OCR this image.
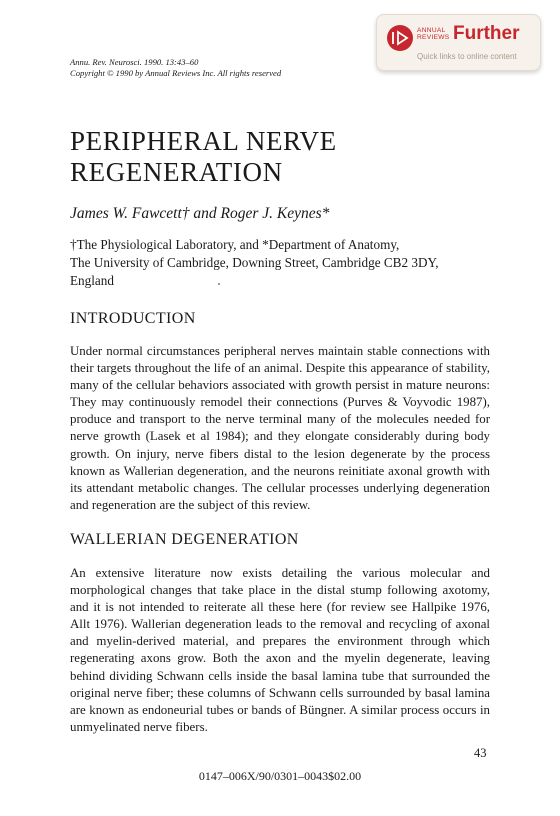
Annu. Rev. Neurosci. 1990. 13:43–60
Copyright © 1990 by Annual Reviews Inc. All rights reserved
ANNUAL
REVIEWS Further
Quick links to online content
PERIPHERAL NERVE
REGENERATION
James W. Fawcett† and Roger J. Keynes*
†The Physiological Laboratory, and *Department of Anatomy,
The University of Cambridge, Downing Street, Cambridge CB2 3DY,
England
INTRODUCTION

Under normal circumstances peripheral nerves maintain stable connections with their targets throughout the life of an animal. Despite this appearance of stability, many of the cellular behaviors associated with growth persist in mature neurons: They may continuously remodel their connections (Purves & Voyvodic 1987), produce and transport to the nerve terminal many of the molecules needed for nerve growth (Lasek et al 1984); and they elongate considerably during body growth. On injury, nerve fibers distal to the lesion degenerate by the process known as Wallerian degeneration, and the neurons reinitiate axonal growth with its attendant metabolic changes. The cellular processes underlying degeneration and regeneration are the subject of this review.

WALLERIAN DEGENERATION

An extensive literature now exists detailing the various molecular and morphological changes that take place in the distal stump following axotomy, and it is not intended to reiterate all these here (for review see Hallpike 1976, Allt 1976). Wallerian degeneration leads to the removal and recycling of axonal and myelin-derived material, and prepares the environment through which regenerating axons grow. Both the axon and the myelin degenerate, leaving behind dividing Schwann cells inside the basal lamina tube that surrounded the original nerve fiber; these columns of Schwann cells surrounded by basal lamina are known as endoneurial tubes or bands of Büngner. A similar process occurs in unmyelinated nerve fibers.

43
0147–006X/90/0301–0043$02.00
